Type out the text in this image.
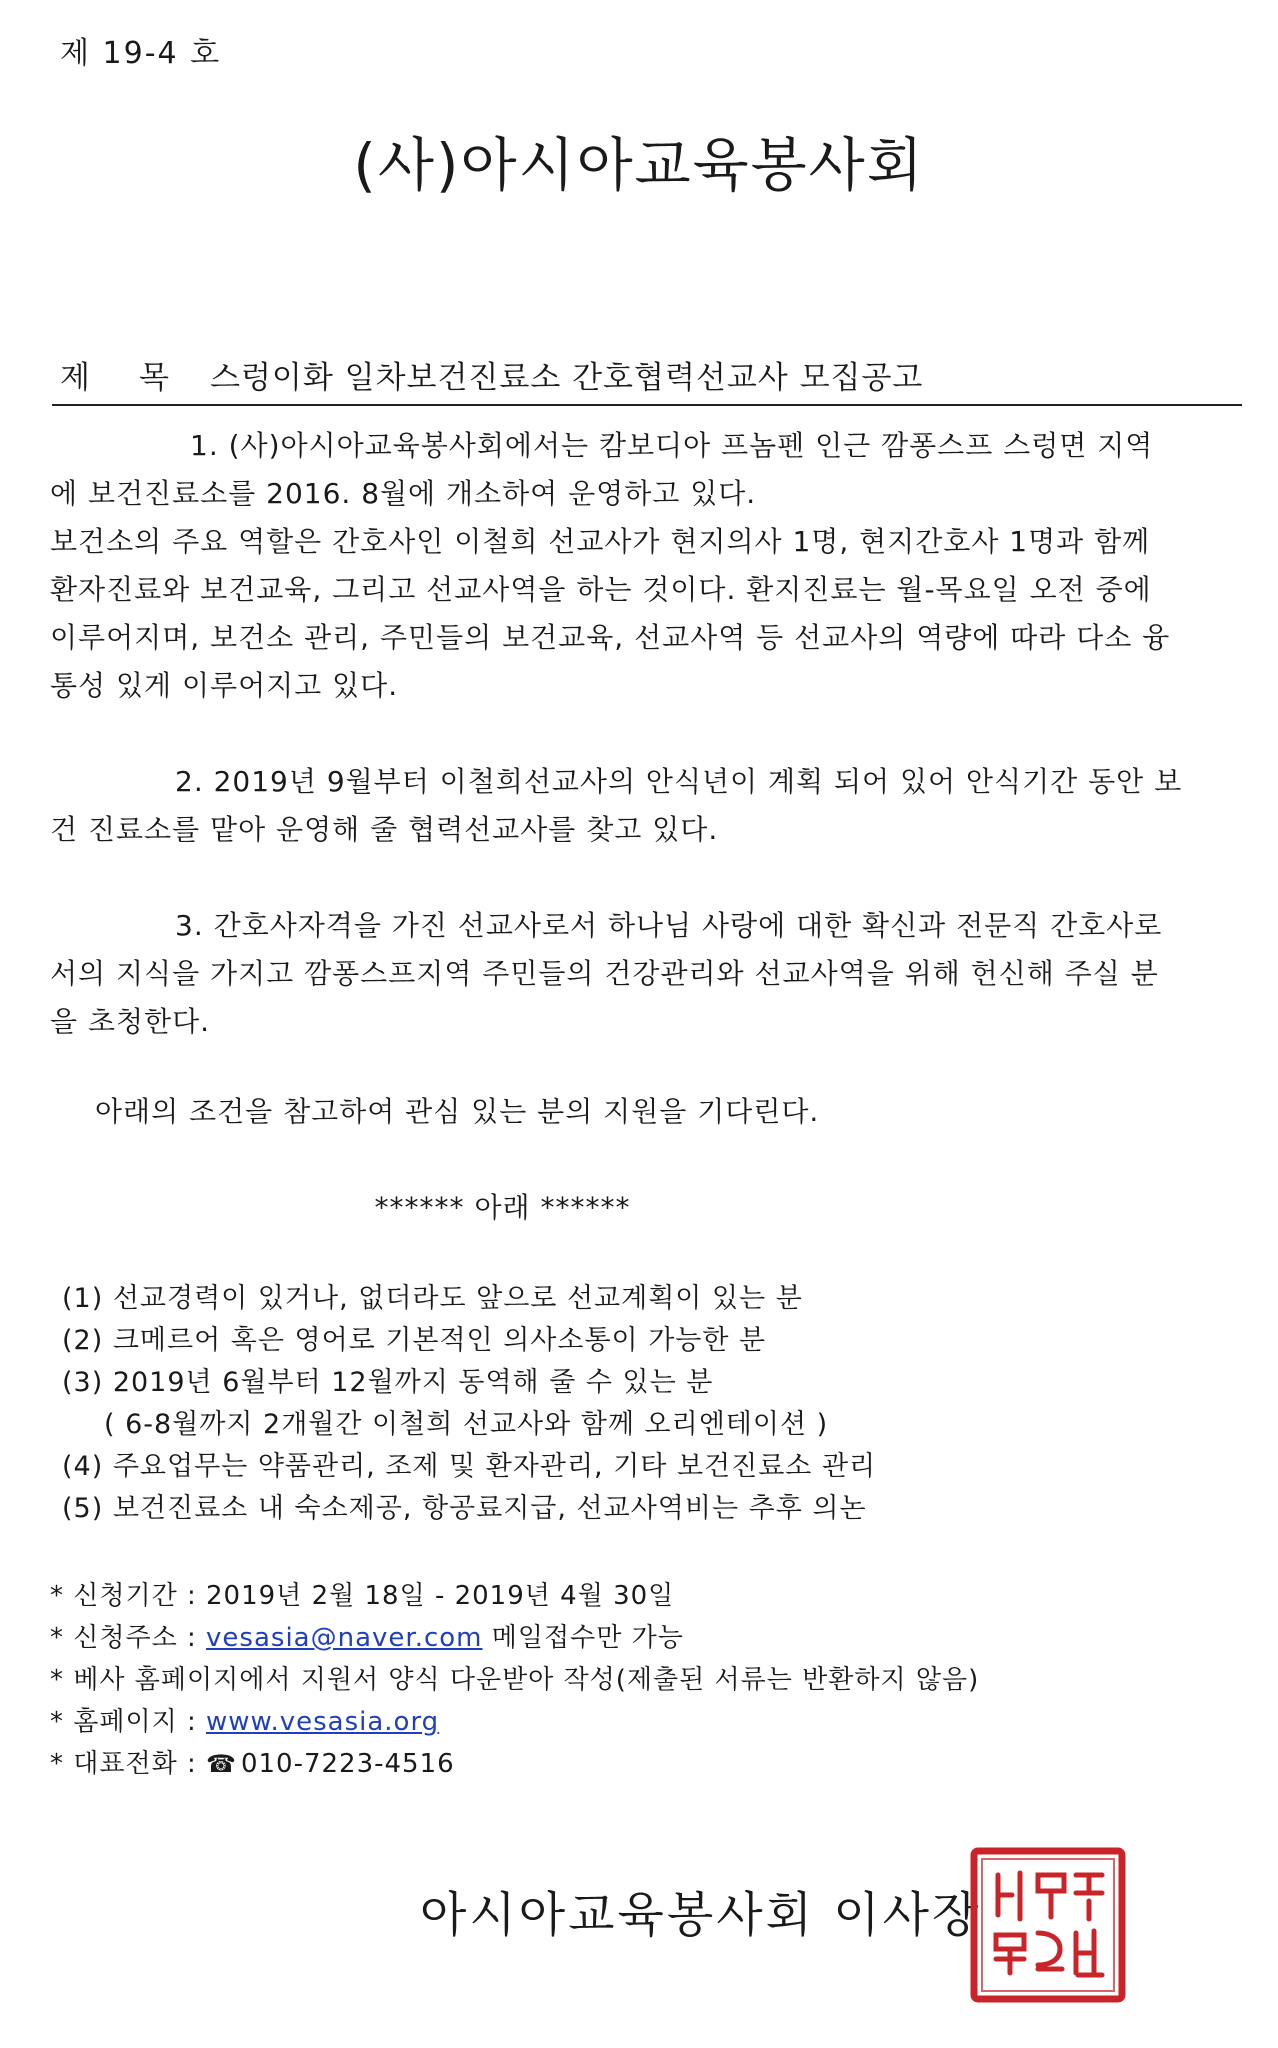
제 19-4 호
(사)아시아교육봉사회
제 목 스렁이화 일차보건진료소 간호협력선교사 모집공고

1. (사)아시아교육봉사회에서는 캄보디아 프놈펜 인근 깜퐁스프 스렁면 지역

에 보건진료소를 2016. 8월에 개소하여 운영하고 있다.

보건소의 주요 역할은 간호사인 이철희 선교사가 현지의사 1명, 현지간호사 1명과 함께

환자진료와 보건교육, 그리고 선교사역을 하는 것이다. 환지진료는 월-목요일 오전 중에

이루어지며, 보건소 관리, 주민들의 보건교육, 선교사역 등 선교사의 역량에 따라 다소 융

통성 있게 이루어지고 있다.

2. 2019년 9월부터 이철희선교사의 안식년이 계획 되어 있어 안식기간 동안 보

건 진료소를 맡아 운영해 줄 협력선교사를 찾고 있다.

3. 간호사자격을 가진 선교사로서 하나님 사랑에 대한 확신과 전문직 간호사로

서의 지식을 가지고 깜퐁스프지역 주민들의 건강관리와 선교사역을 위해 헌신해 주실 분

을 초청한다.

아래의 조건을 참고하여 관심 있는 분의 지원을 기다린다.
****** 아래 ******
(1) 선교경력이 있거나, 없더라도 앞으로 선교계획이 있는 분
(2) 크메르어 혹은 영어로 기본적인 의사소통이 가능한 분
(3) 2019년 6월부터 12월까지 동역해 줄 수 있는 분
( 6-8월까지 2개월간 이철희 선교사와 함께 오리엔테이션 )
(4) 주요업무는 약품관리, 조제 및 환자관리, 기타 보건진료소 관리
(5) 보건진료소 내 숙소제공, 항공료지급, 선교사역비는 추후 의논
* 신청기간 : 2019년 2월 18일 - 2019년 4월 30일
* 신청주소 : vesasia@naver.com 메일접수만 가능
* 베사 홈페이지에서 지원서 양식 다운받아 작성(제출된 서류는 반환하지 않음)
* 홈페이지 : www.vesasia.org
* 대표전화 : ☎ 010-7223-4516
아시아교육봉사회 이사장
